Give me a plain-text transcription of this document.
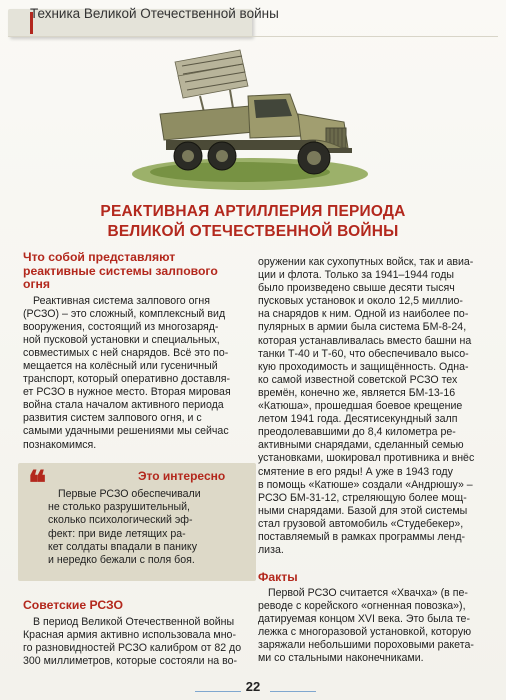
Техника Великой Отечественной войны
РЕАКТИВНАЯ АРТИЛЛЕРИЯ ПЕРИОДА
ВЕЛИКОЙ ОТЕЧЕСТВЕННОЙ ВОЙНЫ
Что собой представляют
реактивные системы залпового
огня
Реактивная система залпового огня
(РСЗО) – это сложный, комплексный вид
вооружения, состоящий из многозаряд-
ной пусковой установки и специальных,
совместимых с ней снарядов. Всё это по-
мещается на колёсный или гусеничный
транспорт, который оперативно доставля-
ет РСЗО в нужное место. Вторая мировая
война стала началом активного периода
развития систем залпового огня, и с
самыми удачными решениями мы сейчас
познакомимся.
❝	Это интересно
Первые РСЗО обеспечивали
не столько разрушительный,
сколько психологический эф-
фект: при виде летящих ра-
кет солдаты впадали в панику
и нередко бежали с поля боя.
Советские РСЗО
В период Великой Отечественной войны
Красная армия активно использовала мно-
го разновидностей РСЗО калибром от 82 до
300 миллиметров, которые состояли на во-
оружении как сухопутных войск, так и авиа-
ции и флота. Только за 1941–1944 годы
было произведено свыше десяти тысяч
пусковых установок и около 12,5 миллио-
на снарядов к ним. Одной из наиболее по-
пулярных в армии была система БМ-8-24,
которая устанавливалась вместо башни на
танки Т-40 и Т-60, что обеспечивало высо-
кую проходимость и защищённость. Одна-
ко самой известной советской РСЗО тех
времён, конечно же, является БМ-13-16
«Катюша», прошедшая боевое крещение
летом 1941 года. Десятисекундный залп
преодолевавшими до 8,4 километра ре-
активными снарядами, сделанный семью
установками, шокировал противника и внёс
смятение в его ряды! А уже в 1943 году
в помощь «Катюше» создали «Андрюшу» –
РСЗО БМ-31-12, стреляющую более мощ-
ными снарядами. Базой для этой системы
стал грузовой автомобиль «Студебекер»,
поставляемый в рамках программы ленд-
лиза.
Факты
Первой РСЗО считается «Хвачха» (в пе-
реводе с корейского «огненная повозка»),
датируемая концом XVI века. Это была те-
лежка с многоразовой установкой, которую
заряжали небольшими пороховыми ракета-
ми со стальными наконечниками.
22
